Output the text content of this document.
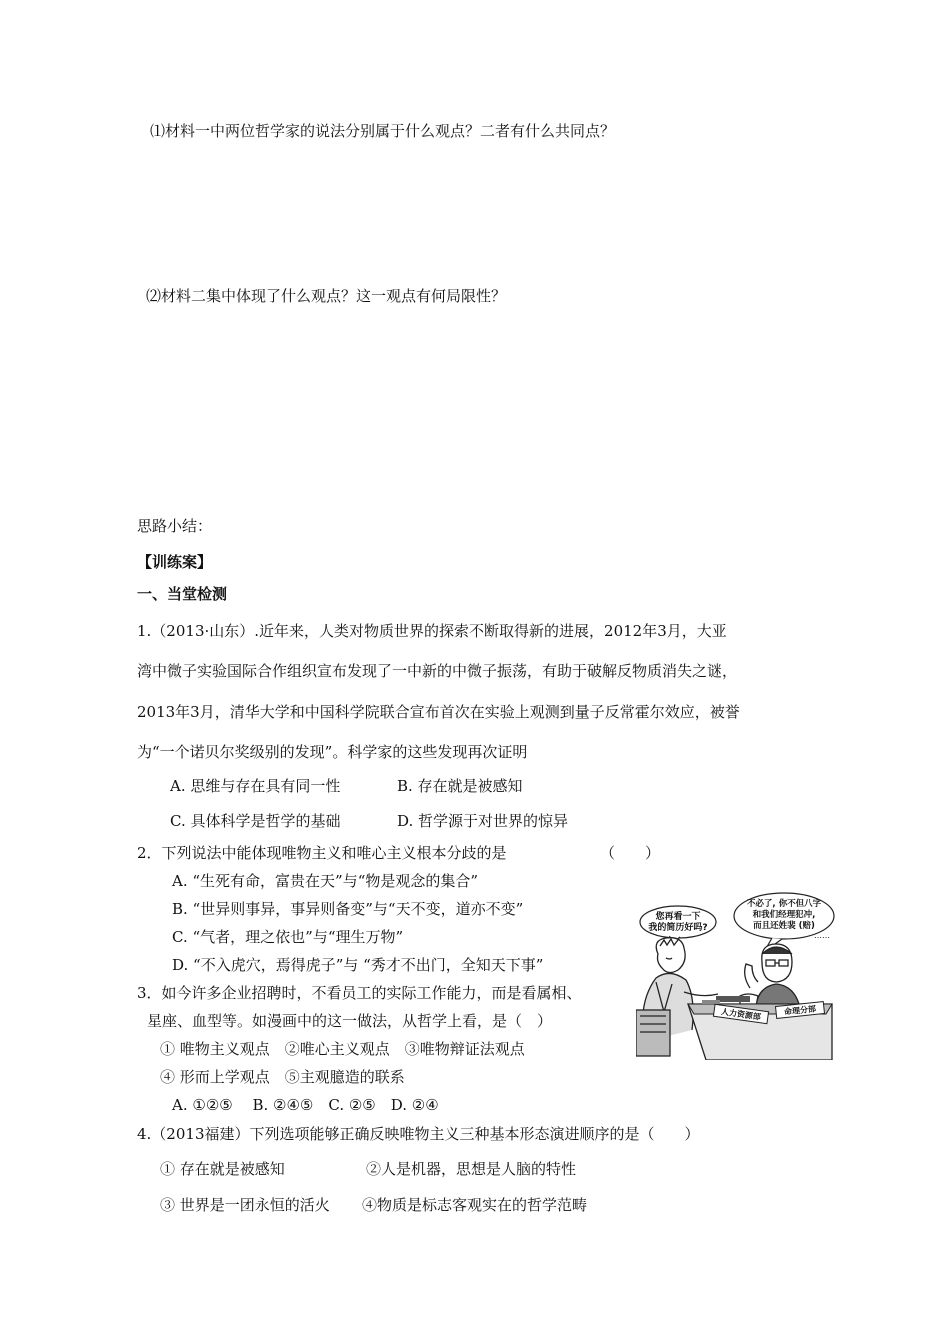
⑴材料一中两位哲学家的说法分别属于什么观点？二者有什么共同点？
⑵材料二集中体现了什么观点？这一观点有何局限性？
思路小结：
【训练案】
一、当堂检测
1.（2013·山东）.近年来，人类对物质世界的探索不断取得新的进展，2012年3月，大亚
湾中微子实验国际合作组织宣布发现了一中新的中微子振荡，有助于破解反物质消失之谜，
2013年3月，清华大学和中国科学院联合宣布首次在实验上观测到量子反常霍尔效应，被誉
为“一个诺贝尔奖级别的发现”。科学家的这些发现再次证明
A. 思维与存在具有同一性	B. 存在就是被感知
C. 具体科学是哲学的基础	D. 哲学源于对世界的惊异
2．下列说法中能体现唯物主义和唯心主义根本分歧的是	（　　）
A. “生死有命，富贵在天”与“物是观念的集合”
B. “世异则事异，事异则备变”与“天不变，道亦不变”
C. “气者，理之依也”与“理生万物”
D. “不入虎穴，焉得虎子”与 “秀才不出门，全知天下事”
3．如今许多企业招聘时，不看员工的实际工作能力，而是看属相、
星座、血型等。如漫画中的这一做法，从哲学上看，是（　）
① 唯物主义观点　②唯心主义观点　③唯物辩证法观点
④ 形而上学观点　⑤主观臆造的联系
A. ①②⑤　 B. ②④⑤　C. ②⑤　D. ②④
您再看一下
我的简历好吗?
不必了, 你不但八字
和我们经理犯冲,
而且还姓裴 (赔)
……
人力资源部	命理分部
4.（2013福建）下列选项能够正确反映唯物主义三种基本形态演进顺序的是（　　）
① 存在就是被感知	②人是机器，思想是人脑的特性
③ 世界是一团永恒的活火 ④物质是标志客观实在的哲学范畴
